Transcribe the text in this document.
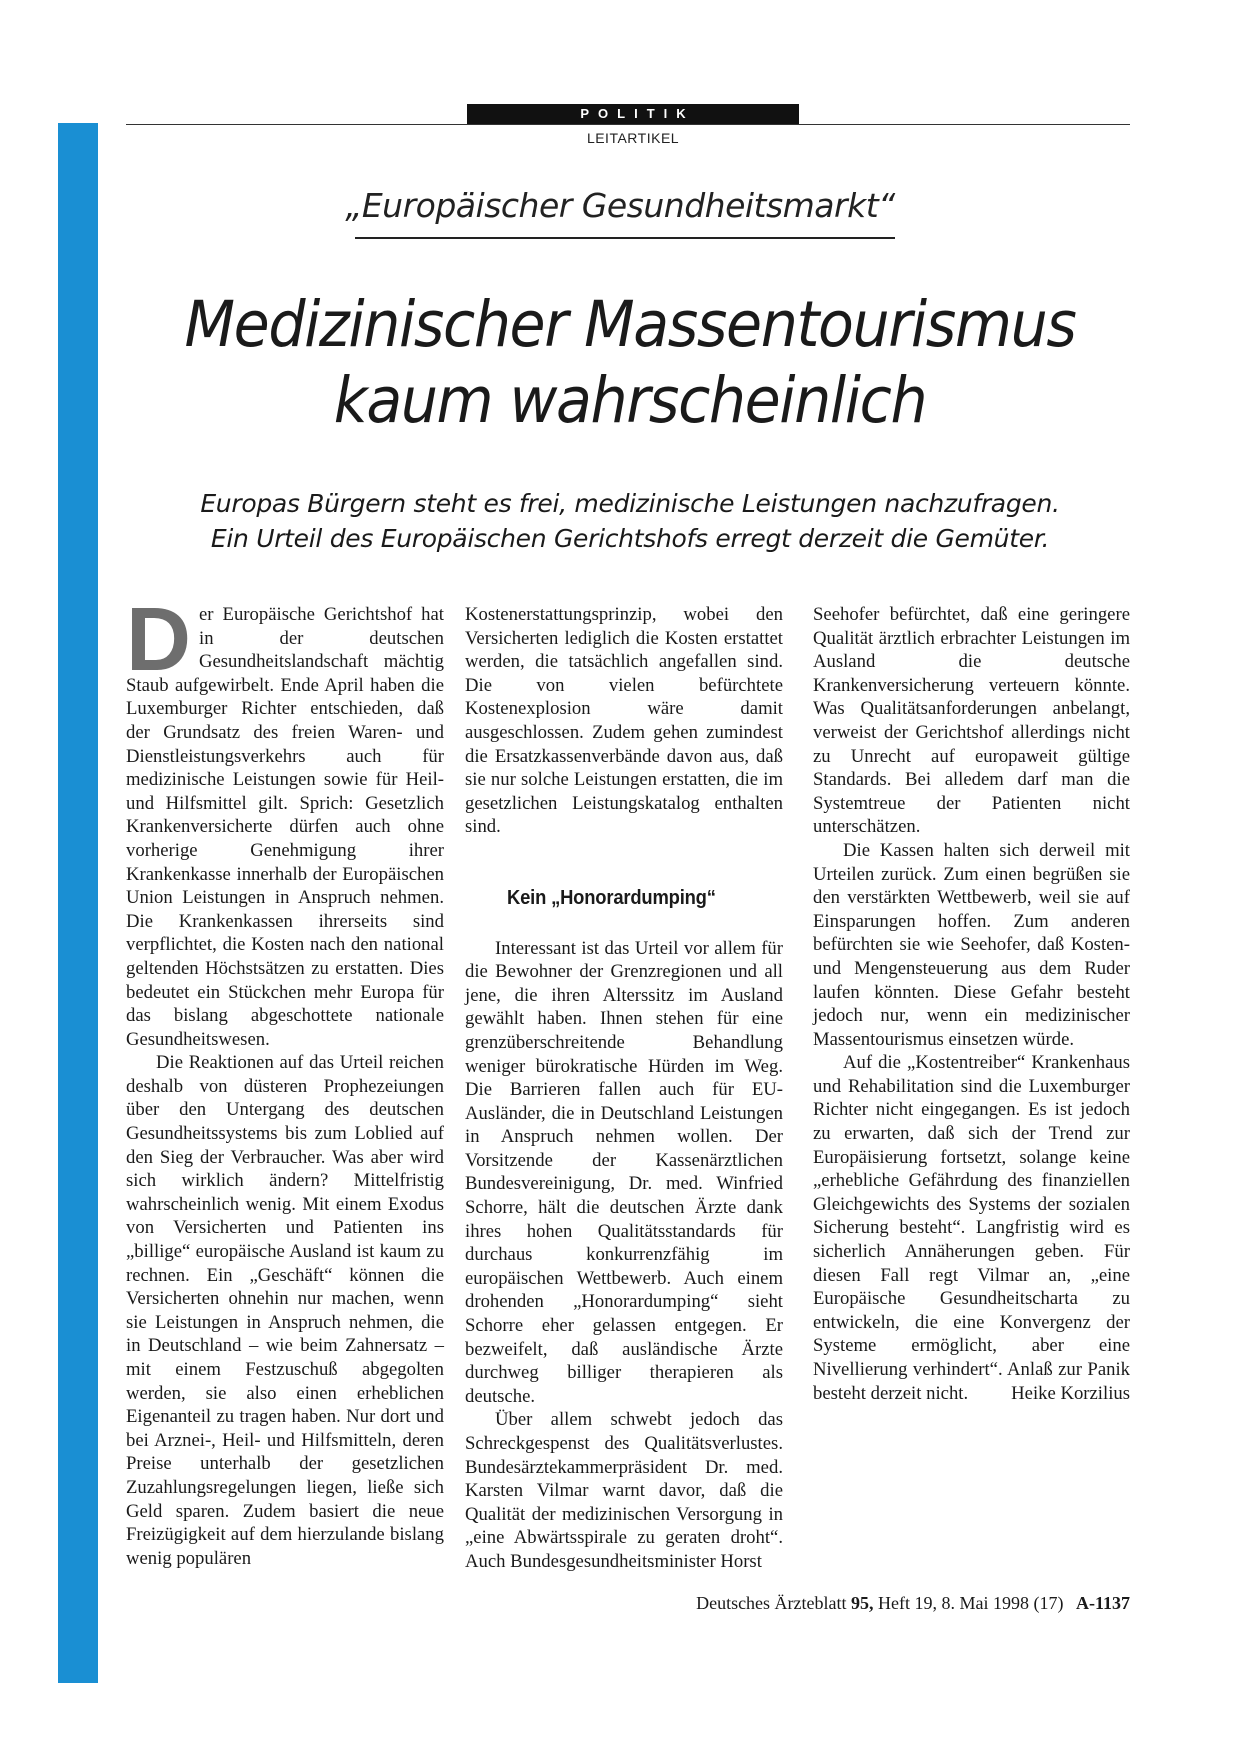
POLITIK
LEITARTIKEL
„Europäischer Gesundheitsmarkt“
Medizinischer Massentourismus
kaum wahrscheinlich
Europas Bürgern steht es frei, medizinische Leistungen nachzufragen.
Ein Urteil des Europäischen Gerichtshofs erregt derzeit die Gemüter.

Der Europäische Gerichtshof hat in der deutschen Gesundheitslandschaft mächtig Staub aufgewirbelt. Ende April haben die Luxemburger Richter entschieden, daß der Grundsatz des freien Waren- und Dienstleistungsverkehrs auch für medizinische Leistungen sowie für Heil- und Hilfsmittel gilt. Sprich: Gesetzlich Krankenversicherte dürfen auch ohne vorherige Genehmigung ihrer Krankenkasse innerhalb der Europäischen Union Leistungen in Anspruch nehmen. Die Krankenkassen ihrerseits sind verpflichtet, die Kosten nach den national geltenden Höchstsätzen zu erstatten. Dies bedeutet ein Stückchen mehr Europa für das bislang abgeschottete nationale Gesundheitswesen.

Die Reaktionen auf das Urteil reichen deshalb von düsteren Prophezeiungen über den Untergang des deutschen Gesundheitssystems bis zum Loblied auf den Sieg der Verbraucher. Was aber wird sich wirklich ändern? Mittelfristig wahrscheinlich wenig. Mit einem Exodus von Versicherten und Patienten ins „billige“ europäische Ausland ist kaum zu rechnen. Ein „Geschäft“ können die Versicherten ohnehin nur machen, wenn sie Leistungen in Anspruch nehmen, die in Deutschland – wie beim Zahnersatz – mit einem Festzuschuß abgegolten werden, sie also einen erheblichen Eigenanteil zu tragen haben. Nur dort und bei Arznei-, Heil- und Hilfsmitteln, deren Preise unterhalb der gesetzlichen Zuzahlungsregelungen liegen, ließe sich Geld sparen. Zudem basiert die neue Freizügigkeit auf dem hierzulande bislang wenig populären

Kostenerstattungsprinzip, wobei den Versicherten lediglich die Kosten erstattet werden, die tatsächlich angefallen sind. Die von vielen befürchtete Kostenexplosion wäre damit ausgeschlossen. Zudem gehen zumindest die Ersatzkassenverbände davon aus, daß sie nur solche Leistungen erstatten, die im gesetzlichen Leistungskatalog enthalten sind.

Kein „Honorardumping“

Interessant ist das Urteil vor allem für die Bewohner der Grenzregionen und all jene, die ihren Alterssitz im Ausland gewählt haben. Ihnen stehen für eine grenzüberschreitende Behandlung weniger bürokratische Hürden im Weg. Die Barrieren fallen auch für EU-Ausländer, die in Deutschland Leistungen in Anspruch nehmen wollen. Der Vorsitzende der Kassenärztlichen Bundesvereinigung, Dr. med. Winfried Schorre, hält die deutschen Ärzte dank ihres hohen Qualitätsstandards für durchaus konkurrenzfähig im europäischen Wettbewerb. Auch einem drohenden „Honorardumping“ sieht Schorre eher gelassen entgegen. Er bezweifelt, daß ausländische Ärzte durchweg billiger therapieren als deutsche.

Über allem schwebt jedoch das Schreckgespenst des Qualitätsverlustes. Bundesärztekammerpräsident Dr. med. Karsten Vilmar warnt davor, daß die Qualität der medizinischen Versorgung in „eine Abwärtsspirale zu geraten droht“. Auch Bundesgesundheitsminister Horst

Seehofer befürchtet, daß eine geringere Qualität ärztlich erbrachter Leistungen im Ausland die deutsche Krankenversicherung verteuern könnte. Was Qualitätsanforderungen anbelangt, verweist der Gerichtshof allerdings nicht zu Unrecht auf europaweit gültige Standards. Bei alledem darf man die Systemtreue der Patienten nicht unterschätzen.

Die Kassen halten sich derweil mit Urteilen zurück. Zum einen begrüßen sie den verstärkten Wettbewerb, weil sie auf Einsparungen hoffen. Zum anderen befürchten sie wie Seehofer, daß Kosten- und Mengensteuerung aus dem Ruder laufen könnten. Diese Gefahr besteht jedoch nur, wenn ein medizinischer Massentourismus einsetzen würde.

Auf die „Kostentreiber“ Krankenhaus und Rehabilitation sind die Luxemburger Richter nicht eingegangen. Es ist jedoch zu erwarten, daß sich der Trend zur Europäisierung fortsetzt, solange keine „erhebliche Gefährdung des finanziellen Gleichgewichts des Systems der sozialen Sicherung besteht“. Langfristig wird es sicherlich Annäherungen geben. Für diesen Fall regt Vilmar an, „eine Europäische Gesundheitscharta zu entwickeln, die eine Konvergenz der Systeme ermöglicht, aber eine Nivellierung verhindert“. Anlaß zur Panik besteht derzeit nicht.	Heike Korzilius

Deutsches Ärzteblatt 95, Heft 19, 8. Mai 1998 (17) A-1137
